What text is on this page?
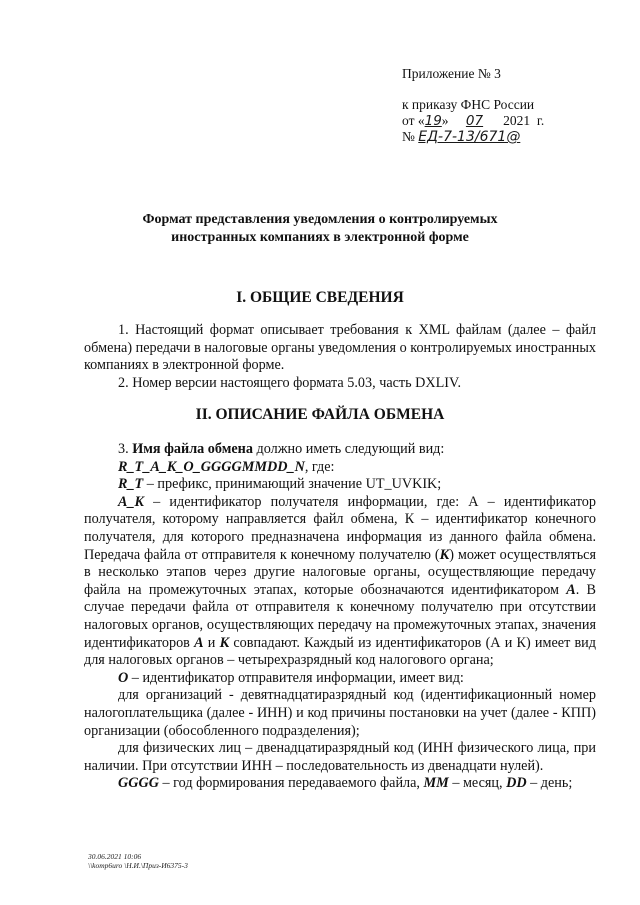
Приложение № 3
к приказу ФНС России
от «19» 07 2021 г.
№ ЕД-7-13/671@
Формат представления уведомления о контролируемых
иностранных компаниях в электронной форме
I. ОБЩИЕ СВЕДЕНИЯ

1. Настоящий формат описывает требования к XML файлам (далее – файл обмена) передачи в налоговые органы уведомления о контролируемых иностранных компаниях в электронной форме.

2. Номер версии настоящего формата 5.03, часть DXLIV.

II. ОПИСАНИЕ ФАЙЛА ОБМЕНА

3. Имя файла обмена должно иметь следующий вид:

R_T_A_K_O_GGGGMMDD_N, где:

R_T – префикс, принимающий значение UT_UVKIK;

A_K – идентификатор получателя информации, где: А – идентификатор получателя, которому направляется файл обмена, К – идентификатор конечного получателя, для которого предназначена информация из данного файла обмена. Передача файла от отправителя к конечному получателю (К) может осуществляться в несколько этапов через другие налоговые органы, осуществляющие передачу файла на промежуточных этапах, которые обозначаются идентификатором А. В случае передачи файла от отправителя к конечному получателю при отсутствии налоговых органов, осуществляющих передачу на промежуточных этапах, значения идентификаторов А и К совпадают. Каждый из идентификаторов (А и К) имеет вид для налоговых органов – четырехразрядный код налогового органа;

O – идентификатор отправителя информации, имеет вид:

для организаций - девятнадцатиразрядный код (идентификационный номер налогоплательщика (далее - ИНН) и код причины постановки на учет (далее - КПП) организации (обособленного подразделения);

для физических лиц – двенадцатиразрядный код (ИНН физического лица, при наличии. При отсутствии ИНН – последовательность из двенадцати нулей).

GGGG – год формирования передаваемого файла, MM – месяц, DD – день;

30.06.2021 10:06
\\komp6uro \Н.И.\Приз-И6375-3
